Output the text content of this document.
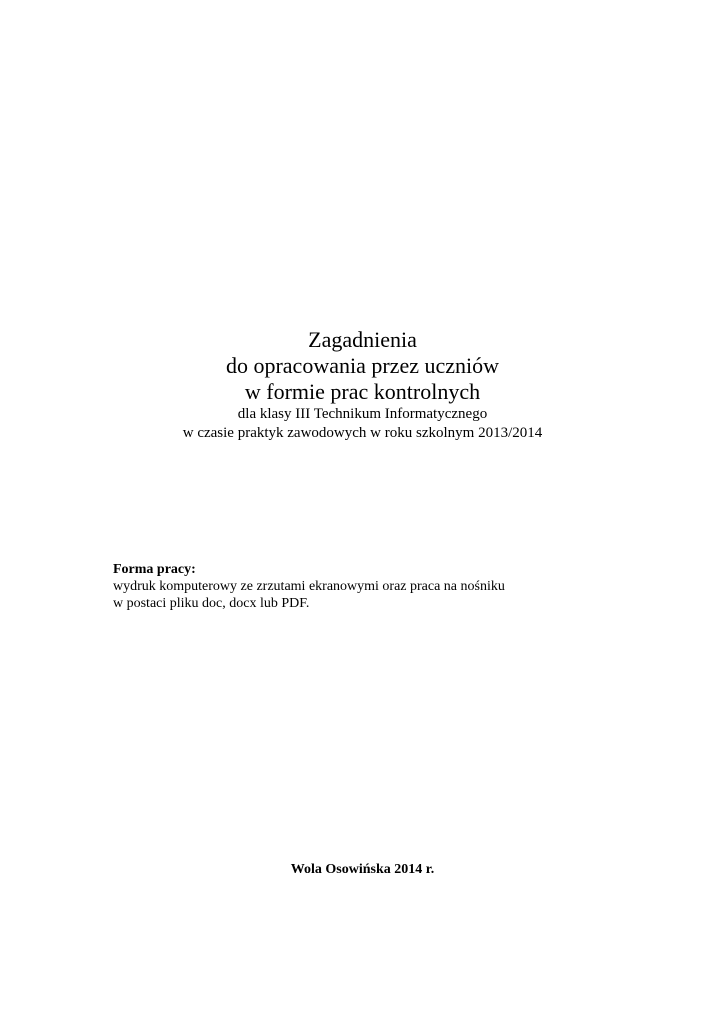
Zagadnienia
do opracowania przez uczniów
w formie prac kontrolnych
dla klasy III Technikum Informatycznego
w czasie praktyk zawodowych w roku szkolnym 2013/2014
Forma pracy:
wydruk komputerowy ze zrzutami ekranowymi oraz praca na nośniku
w postaci pliku doc, docx lub PDF.
Wola Osowińska 2014 r.
